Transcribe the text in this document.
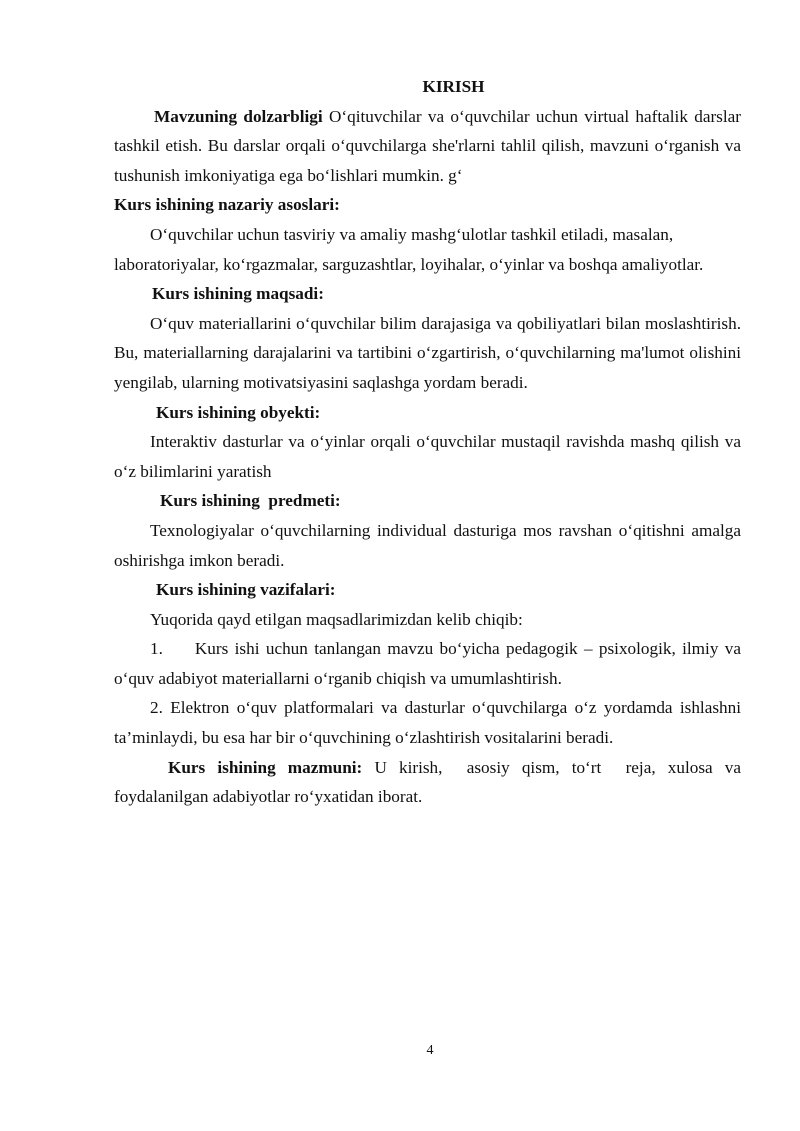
KIRISH

Mavzuning dolzarbligi O‘qituvchilar va o‘quvchilar uchun virtual haftalik darslar tashkil etish. Bu darslar orqali o‘quvchilarga she'rlarni tahlil qilish, mavzuni o‘rganish va tushunish imkoniyatiga ega bo‘lishlari mumkin. g‘

Kurs ishining nazariy asoslari:

O‘quvchilar uchun tasviriy va amaliy mashg‘ulotlar tashkil etiladi, masalan, laboratoriyalar, ko‘rgazmalar, sarguzashtlar, loyihalar, o‘yinlar va boshqa amaliyotlar.

Kurs ishining maqsadi:

O‘quv materiallarini o‘quvchilar bilim darajasiga va qobiliyatlari bilan moslashtirish. Bu, materiallarning darajalarini va tartibini o‘zgartirish, o‘quvchilarning ma'lumot olishini yengilab, ularning motivatsiyasini saqlashga yordam beradi.

Kurs ishining obyekti:

Interaktiv dasturlar va o‘yinlar orqali o‘quvchilar mustaqil ravishda mashq qilish va o‘z bilimlarini yaratish

Kurs ishining  predmeti:

Texnologiyalar o‘quvchilarning individual dasturiga mos ravshan o‘qitishni amalga oshirishga imkon beradi.

Kurs ishining vazifalari:

Yuqorida qayd etilgan maqsadlarimizdan kelib chiqib:

1. Kurs ishi uchun tanlangan mavzu bo‘yicha pedagogik – psixologik, ilmiy va o‘quv adabiyot materiallarni o‘rganib chiqish va umumlashtirish.

2. Elektron o‘quv platformalari va dasturlar o‘quvchilarga o‘z yordamda ishlashni ta’minlaydi, bu esa har bir o‘quvchining o‘zlashtirish vositalarini beradi.

Kurs ishining mazmuni: U kirish,  asosiy qism, to‘rt  reja, xulosa va foydalanilgan adabiyotlar ro‘yxatidan iborat.

4
